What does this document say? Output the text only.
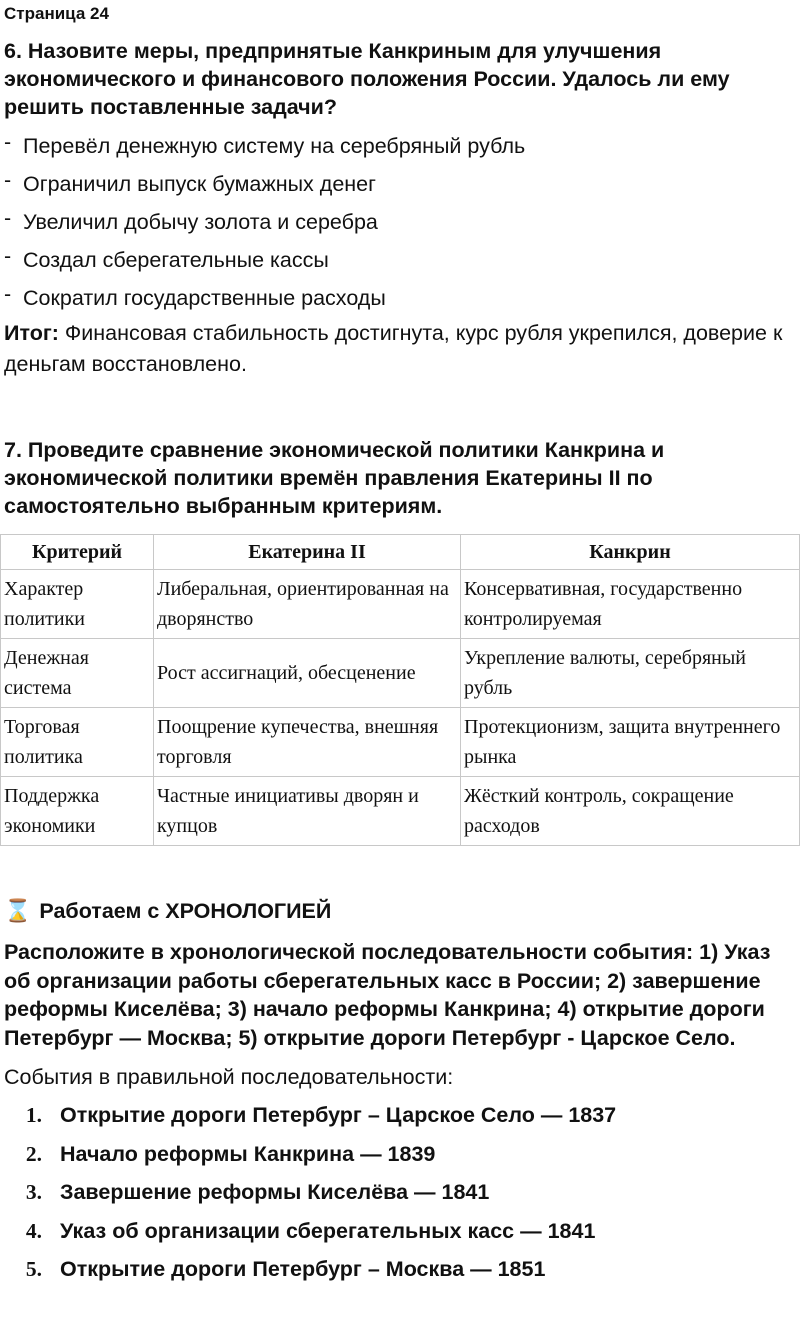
Страница 24
6. Назовите меры, предпринятые Канкриным для улучшения экономического и финансового положения России. Удалось ли ему решить поставленные задачи?
- Перевёл денежную систему на серебряный рубль
- Ограничил выпуск бумажных денег
- Увеличил добычу золота и серебра
- Создал сберегательные кассы
- Сократил государственные расходы
Итог: Финансовая стабильность достигнута, курс рубля укрепился, доверие к деньгам восстановлено.
7. Проведите сравнение экономической политики Канкрина и экономической политики времён правления Екатерины II по самостоятельно выбранным критериям.
Критерий	Екатерина II	Канкрин
Характер политики	Либеральная, ориентированная на дворянство	Консервативная, государственно контролируемая
Денежная система	Рост ассигнаций, обесценение	Укрепление валюты, серебряный рубль
Торговая политика	Поощрение купечества, внешняя торговля	Протекционизм, защита внутреннего рынка
Поддержка экономики	Частные инициативы дворян и купцов	Жёсткий контроль, сокращение расходов
⌛ Работаем с ХРОНОЛОГИЕЙ
Расположите в хронологической последовательности события: 1) Указ об организации работы сберегательных касс в России; 2) завершение реформы Киселёва; 3) начало реформы Канкрина; 4) открытие дороги Петербург — Москва; 5) открытие дороги Петербург - Царское Село.
События в правильной последовательности:
1. Открытие дороги Петербург – Царское Село — 1837
2. Начало реформы Канкрина — 1839
3. Завершение реформы Киселёва — 1841
4. Указ об организации сберегательных касс — 1841
5. Открытие дороги Петербург – Москва — 1851
